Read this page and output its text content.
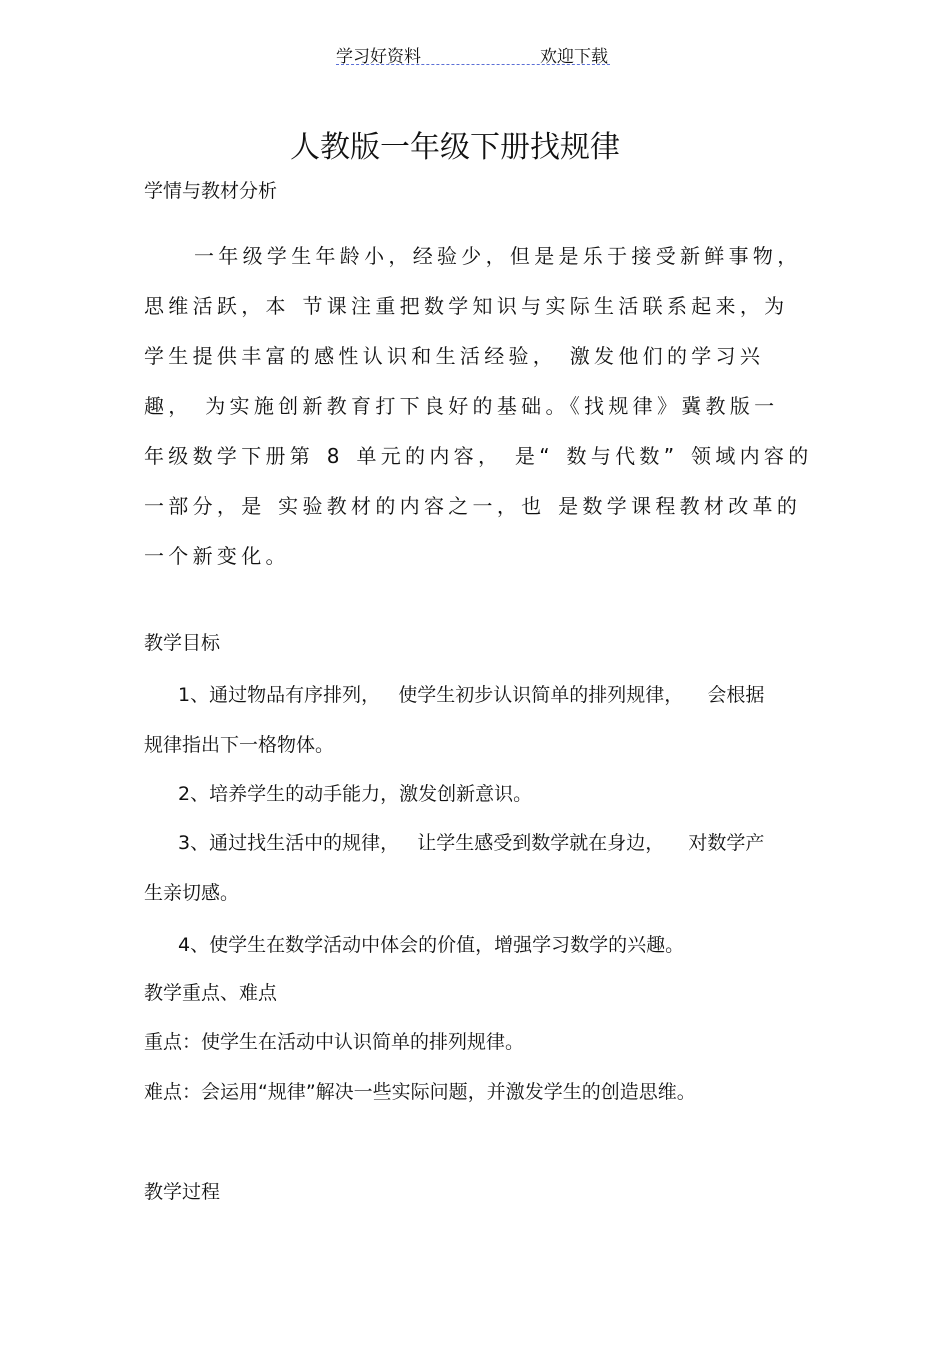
学习好资料	欢迎下载
人教版一年级下册找规律
学情与教材分析
一年级学生年龄小，经验少，但是是乐于接受新鲜事物，
思维活跃，本 节课注重把数学知识与实际生活联系起来，为
学生提供丰富的感性认识和生活经验， 激发他们的学习兴
趣， 为实施创新教育打下良好的基础。《找规律》冀教版一
年级数学下册第 8 单元的内容， 是“ 数与代数” 领域内容的
一部分，是 实验教材的内容之一，也 是数学课程教材改革的
一个新变化。
教学目标
1、通过物品有序排列，   使学生初步认识简单的排列规律，    会根据
规律指出下一格物体。
2、培养学生的动手能力，激发创新意识。
3、通过找生活中的规律，   让学生感受到数学就在身边，    对数学产
生亲切感。
4、使学生在数学活动中体会的价值，增强学习数学的兴趣。
教学重点、难点
重点：使学生在活动中认识简单的排列规律。
难点：会运用“规律”解决一些实际问题，并激发学生的创造思维。
教学过程
